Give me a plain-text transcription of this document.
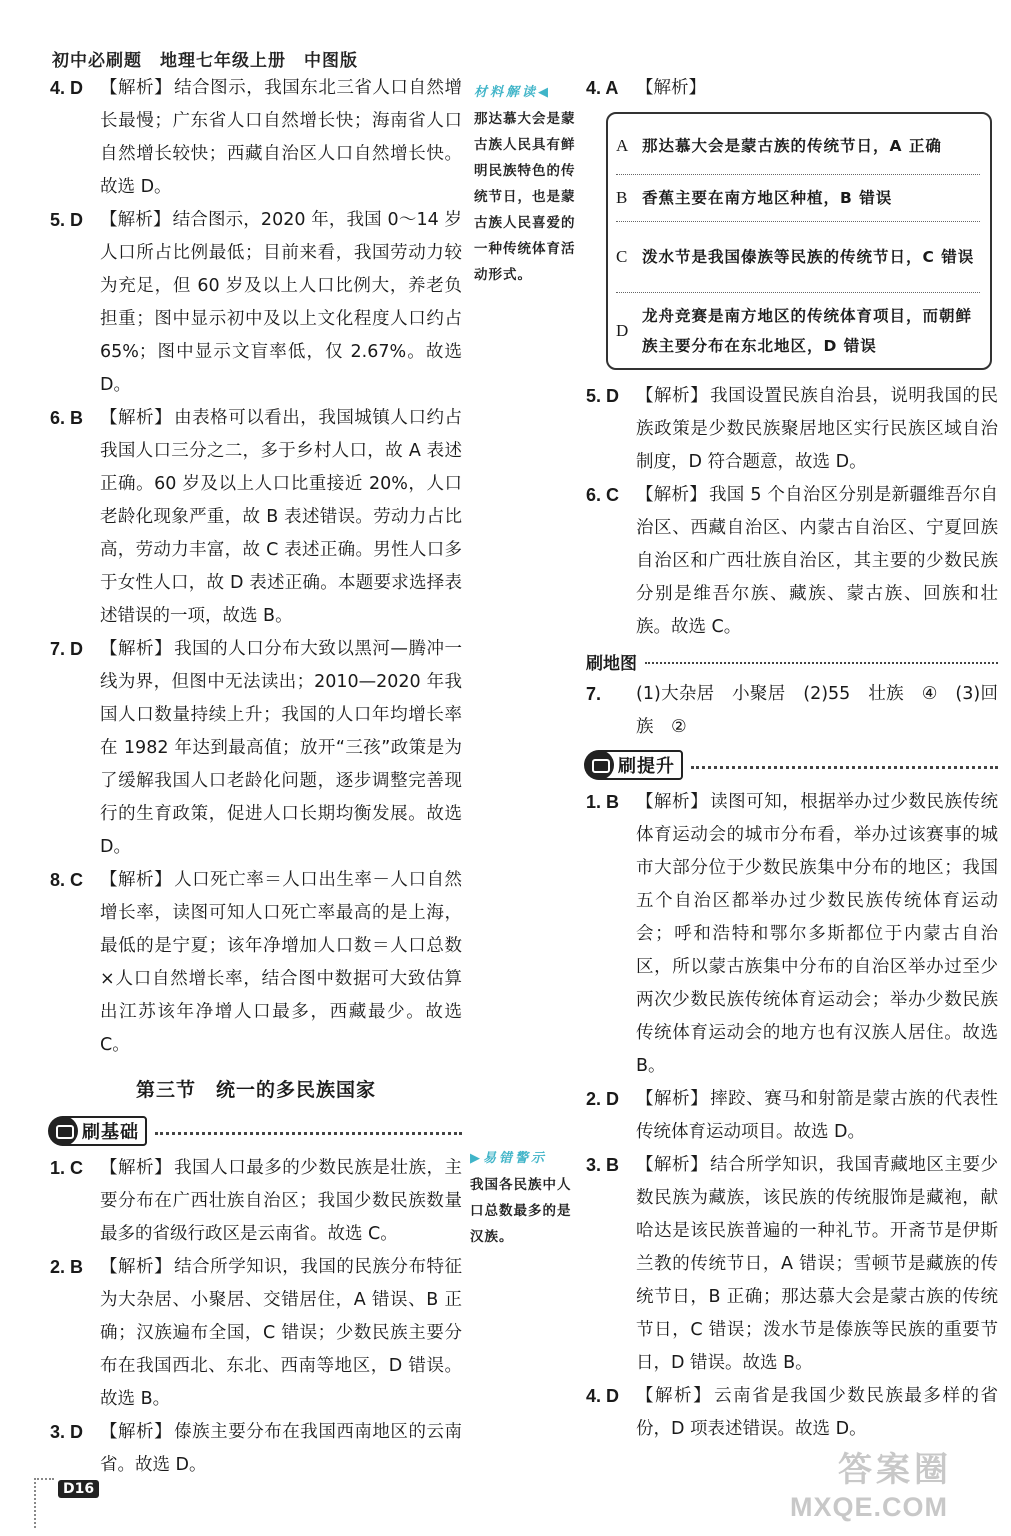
初中必刷题　地理七年级上册　中图版
4. D 【解析】 结合图示，我国东北三省人口自然增长最慢；广东省人口自然增长快；海南省人口自然增长较快；西藏自治区人口自然增长快。故选 D。
5. D 【解析】 结合图示，2020 年，我国 0～14 岁人口所占比例最低；目前来看，我国劳动力较为充足，但 60 岁及以上人口比例大，养老负担重；图中显示初中及以上文化程度人口约占 65%；图中显示文盲率低，仅 2.67%。故选 D。
6. B 【解析】 由表格可以看出，我国城镇人口约占我国人口三分之二，多于乡村人口，故 A 表述正确。60 岁及以上人口比重接近 20%，人口老龄化现象严重，故 B 表述错误。劳动力占比高，劳动力丰富，故 C 表述正确。男性人口多于女性人口，故 D 表述正确。本题要求选择表述错误的一项，故选 B。
7. D 【解析】 我国的人口分布大致以黑河—腾冲一线为界，但图中无法读出；2010—2020 年我国人口数量持续上升；我国的人口年均增长率在 1982 年达到最高值；放开“三孩”政策是为了缓解我国人口老龄化问题，逐步调整完善现行的生育政策，促进人口长期均衡发展。故选 D。
8. C 【解析】 人口死亡率＝人口出生率－人口自然增长率，读图可知人口死亡率最高的是上海，最低的是宁夏；该年净增加人口数＝人口总数×人口自然增长率，结合图中数据可大致估算出江苏该年净增人口最多，西藏最少。故选 C。
第三节　统一的多民族国家
刷基础
1. C 【解析】 我国人口最多的少数民族是壮族，主要分布在广西壮族自治区；我国少数民族数量最多的省级行政区是云南省。故选 C。
2. B 【解析】 结合所学知识，我国的民族分布特征为大杂居、小聚居、交错居住，A 错误、B 正确；汉族遍布全国，C 错误；少数民族主要分布在我国西北、东北、西南等地区，D 错误。故选 B。
3. D 【解析】 傣族主要分布在我国西南地区的云南省。故选 D。
材料解读◀
那达慕大会是蒙古族人民具有鲜明民族特色的传统节日，也是蒙古族人民喜爱的一种传统体育活动形式。
▶易错警示
我国各民族中人口总数最多的是汉族。
4. A	【解析】
A 那达慕大会是蒙古族的传统节日，A 正确
B 香蕉主要在南方地区种植，B 错误
C 泼水节是我国傣族等民族的传统节日，C 错误
D
龙舟竞赛是南方地区的传统体育项目，而朝鲜族主要分布在东北地区，D 错误
5. D 【解析】 我国设置民族自治县，说明我国的民族政策是少数民族聚居地区实行民族区域自治制度，D 符合题意，故选 D。
6. C 【解析】 我国 5 个自治区分别是新疆维吾尔自治区、西藏自治区、内蒙古自治区、宁夏回族自治区和广西壮族自治区，其主要的少数民族分别是维吾尔族、藏族、蒙古族、回族和壮族。故选 C。
刷地图
7.	(1)大杂居　小聚居　(2)55　壮族　④　(3)回族　②
刷提升
1. B 【解析】 读图可知，根据举办过少数民族传统体育运动会的城市分布看，举办过该赛事的城市大部分位于少数民族集中分布的地区；我国五个自治区都举办过少数民族传统体育运动会；呼和浩特和鄂尔多斯都位于内蒙古自治区，所以蒙古族集中分布的自治区举办过至少两次少数民族传统体育运动会；举办少数民族传统体育运动会的地方也有汉族人居住。故选 B。
2. D 【解析】 摔跤、赛马和射箭是蒙古族的代表性传统体育运动项目。故选 D。
3. B 【解析】 结合所学知识，我国青藏地区主要少数民族为藏族，该民族的传统服饰是藏袍，献哈达是该民族普遍的一种礼节。开斋节是伊斯兰教的传统节日，A 错误；雪顿节是藏族的传统节日，B 正确；那达慕大会是蒙古族的传统节日，C 错误；泼水节是傣族等民族的重要节日，D 错误。故选 B。
4. D 【解析】 云南省是我国少数民族最多样的省份，D 项表述错误。故选 D。
D16	答案圈
MXQE.COM
